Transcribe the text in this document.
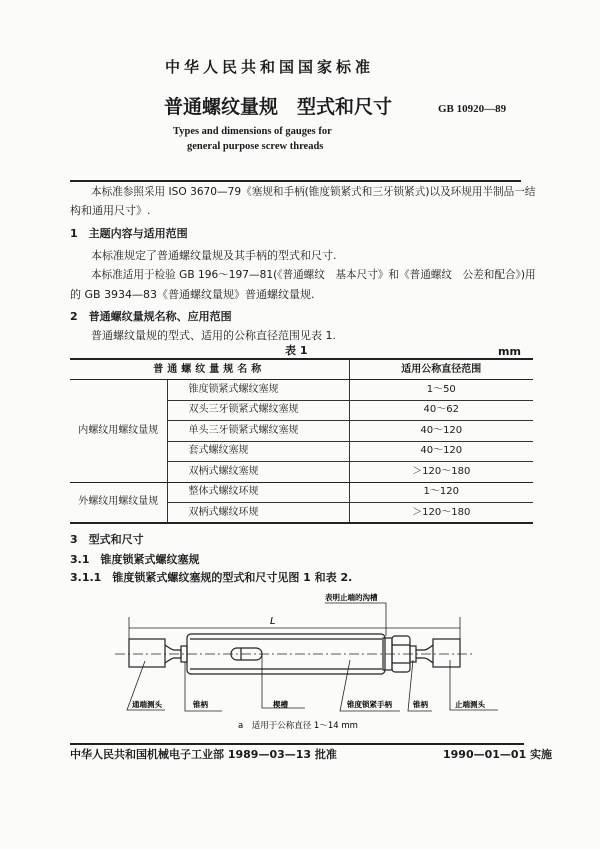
中华人民共和国国家标准
普通螺纹量规　型式和尺寸	GB 10920—89
Types and dimensions of gauges for
general purpose screw threads
本标准参照采用 ISO 3670—79《塞规和手柄(锥度锁紧式和三牙锁紧式)以及环规用半制品一结
构和通用尺寸》.
1　主题内容与适用范围
本标准规定了普通螺纹量规及其手柄的型式和尺寸.
本标准适用于检验 GB 196～197—81(《普通螺纹　基本尺寸》和《普通螺纹　公差和配合》)用
的 GB 3934—83《普通螺纹量规》普通螺纹量规.
2　普通螺纹量规名称、应用范围
普通螺纹量规的型式、适用的公称直径范围见表 1.
表 1	mm
普通螺纹量规名称		适用公称直径范围
内螺纹用螺纹量规	锥度锁紧式螺纹塞规	1～50
	双头三牙锁紧式螺纹塞规	40～62
	单头三牙锁紧式螺纹塞规	40～120
	套式螺纹塞规	40～120
	双柄式螺纹塞规	＞120～180
外螺纹用螺纹量规	整体式螺纹环规	1～120
	双柄式螺纹环规	＞120～180
3　型式和尺寸
3.1　锥度锁紧式螺纹塞规
3.1.1　锥度锁紧式螺纹塞规的型式和尺寸见图 1 和表 2.
L
表明止端的沟槽
通端测头	锥柄	楔槽	锥度锁紧手柄	锥柄	止端测头
a　适用于公称直径 1～14 mm
中华人民共和国机械电子工业部 1989—03—13 批准	1990—01—01 实施
